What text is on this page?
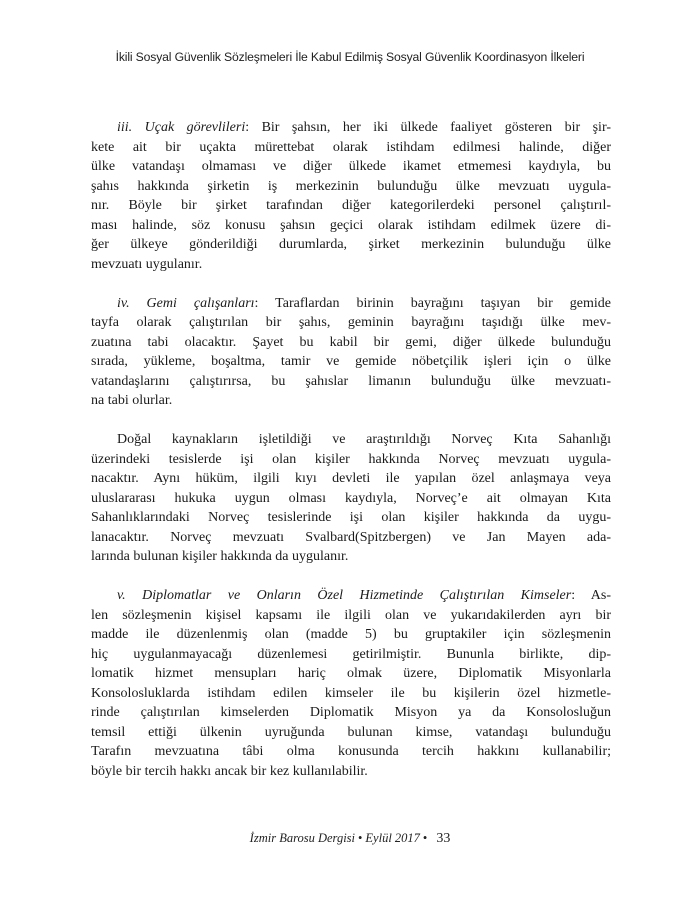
İkili Sosyal Güvenlik Sözleşmeleri İle Kabul Edilmiş Sosyal Güvenlik Koordinasyon İlkeleri

iii. Uçak görevlileri: Bir şahsın, her iki ülkede faaliyet gösteren bir şir-
kete ait bir uçakta mürettebat olarak istihdam edilmesi halinde, diğer
ülke vatandaşı olmaması ve diğer ülkede ikamet etmemesi kaydıyla, bu
şahıs hakkında şirketin iş merkezinin bulunduğu ülke mevzuatı uygula-
nır. Böyle bir şirket tarafından diğer kategorilerdeki personel çalıştırıl-
ması halinde, söz konusu şahsın geçici olarak istihdam edilmek üzere di-
ğer ülkeye gönderildiği durumlarda, şirket merkezinin bulunduğu ülke
mevzuatı uygulanır.

iv. Gemi çalışanları: Taraflardan birinin bayrağını taşıyan bir gemide
tayfa olarak çalıştırılan bir şahıs, geminin bayrağını taşıdığı ülke mev-
zuatına tabi olacaktır. Şayet bu kabil bir gemi, diğer ülkede bulunduğu
sırada, yükleme, boşaltma, tamir ve gemide nöbetçilik işleri için o ülke
vatandaşlarını çalıştırırsa, bu şahıslar limanın bulunduğu ülke mevzuatı-
na tabi olurlar.

Doğal kaynakların işletildiği ve araştırıldığı Norveç Kıta Sahanlığı
üzerindeki tesislerde işi olan kişiler hakkında Norveç mevzuatı uygula-
nacaktır. Aynı hüküm, ilgili kıyı devleti ile yapılan özel anlaşmaya veya
uluslararası hukuka uygun olması kaydıyla, Norveç’e ait olmayan Kıta
Sahanlıklarındaki Norveç tesislerinde işi olan kişiler hakkında da uygu-
lanacaktır. Norveç mevzuatı Svalbard(Spitzbergen) ve Jan Mayen ada-
larında bulunan kişiler hakkında da uygulanır.

v. Diplomatlar ve Onların Özel Hizmetinde Çalıştırılan Kimseler: As-
len sözleşmenin kişisel kapsamı ile ilgili olan ve yukarıdakilerden ayrı bir
madde ile düzenlenmiş olan (madde 5) bu gruptakiler için sözleşmenin
hiç uygulanmayacağı düzenlemesi getirilmiştir. Bununla birlikte, dip-
lomatik hizmet mensupları hariç olmak üzere, Diplomatik Misyonlarla
Konsolosluklarda istihdam edilen kimseler ile bu kişilerin özel hizmetle-
rinde çalıştırılan kimselerden Diplomatik Misyon ya da Konsolosluğun
temsil ettiği ülkenin uyruğunda bulunan kimse, vatandaşı bulunduğu
Tarafın mevzuatına tâbi olma konusunda tercih hakkını kullanabilir;
böyle bir tercih hakkı ancak bir kez kullanılabilir.

İzmir Barosu Dergisi • Eylül 2017 • 33
